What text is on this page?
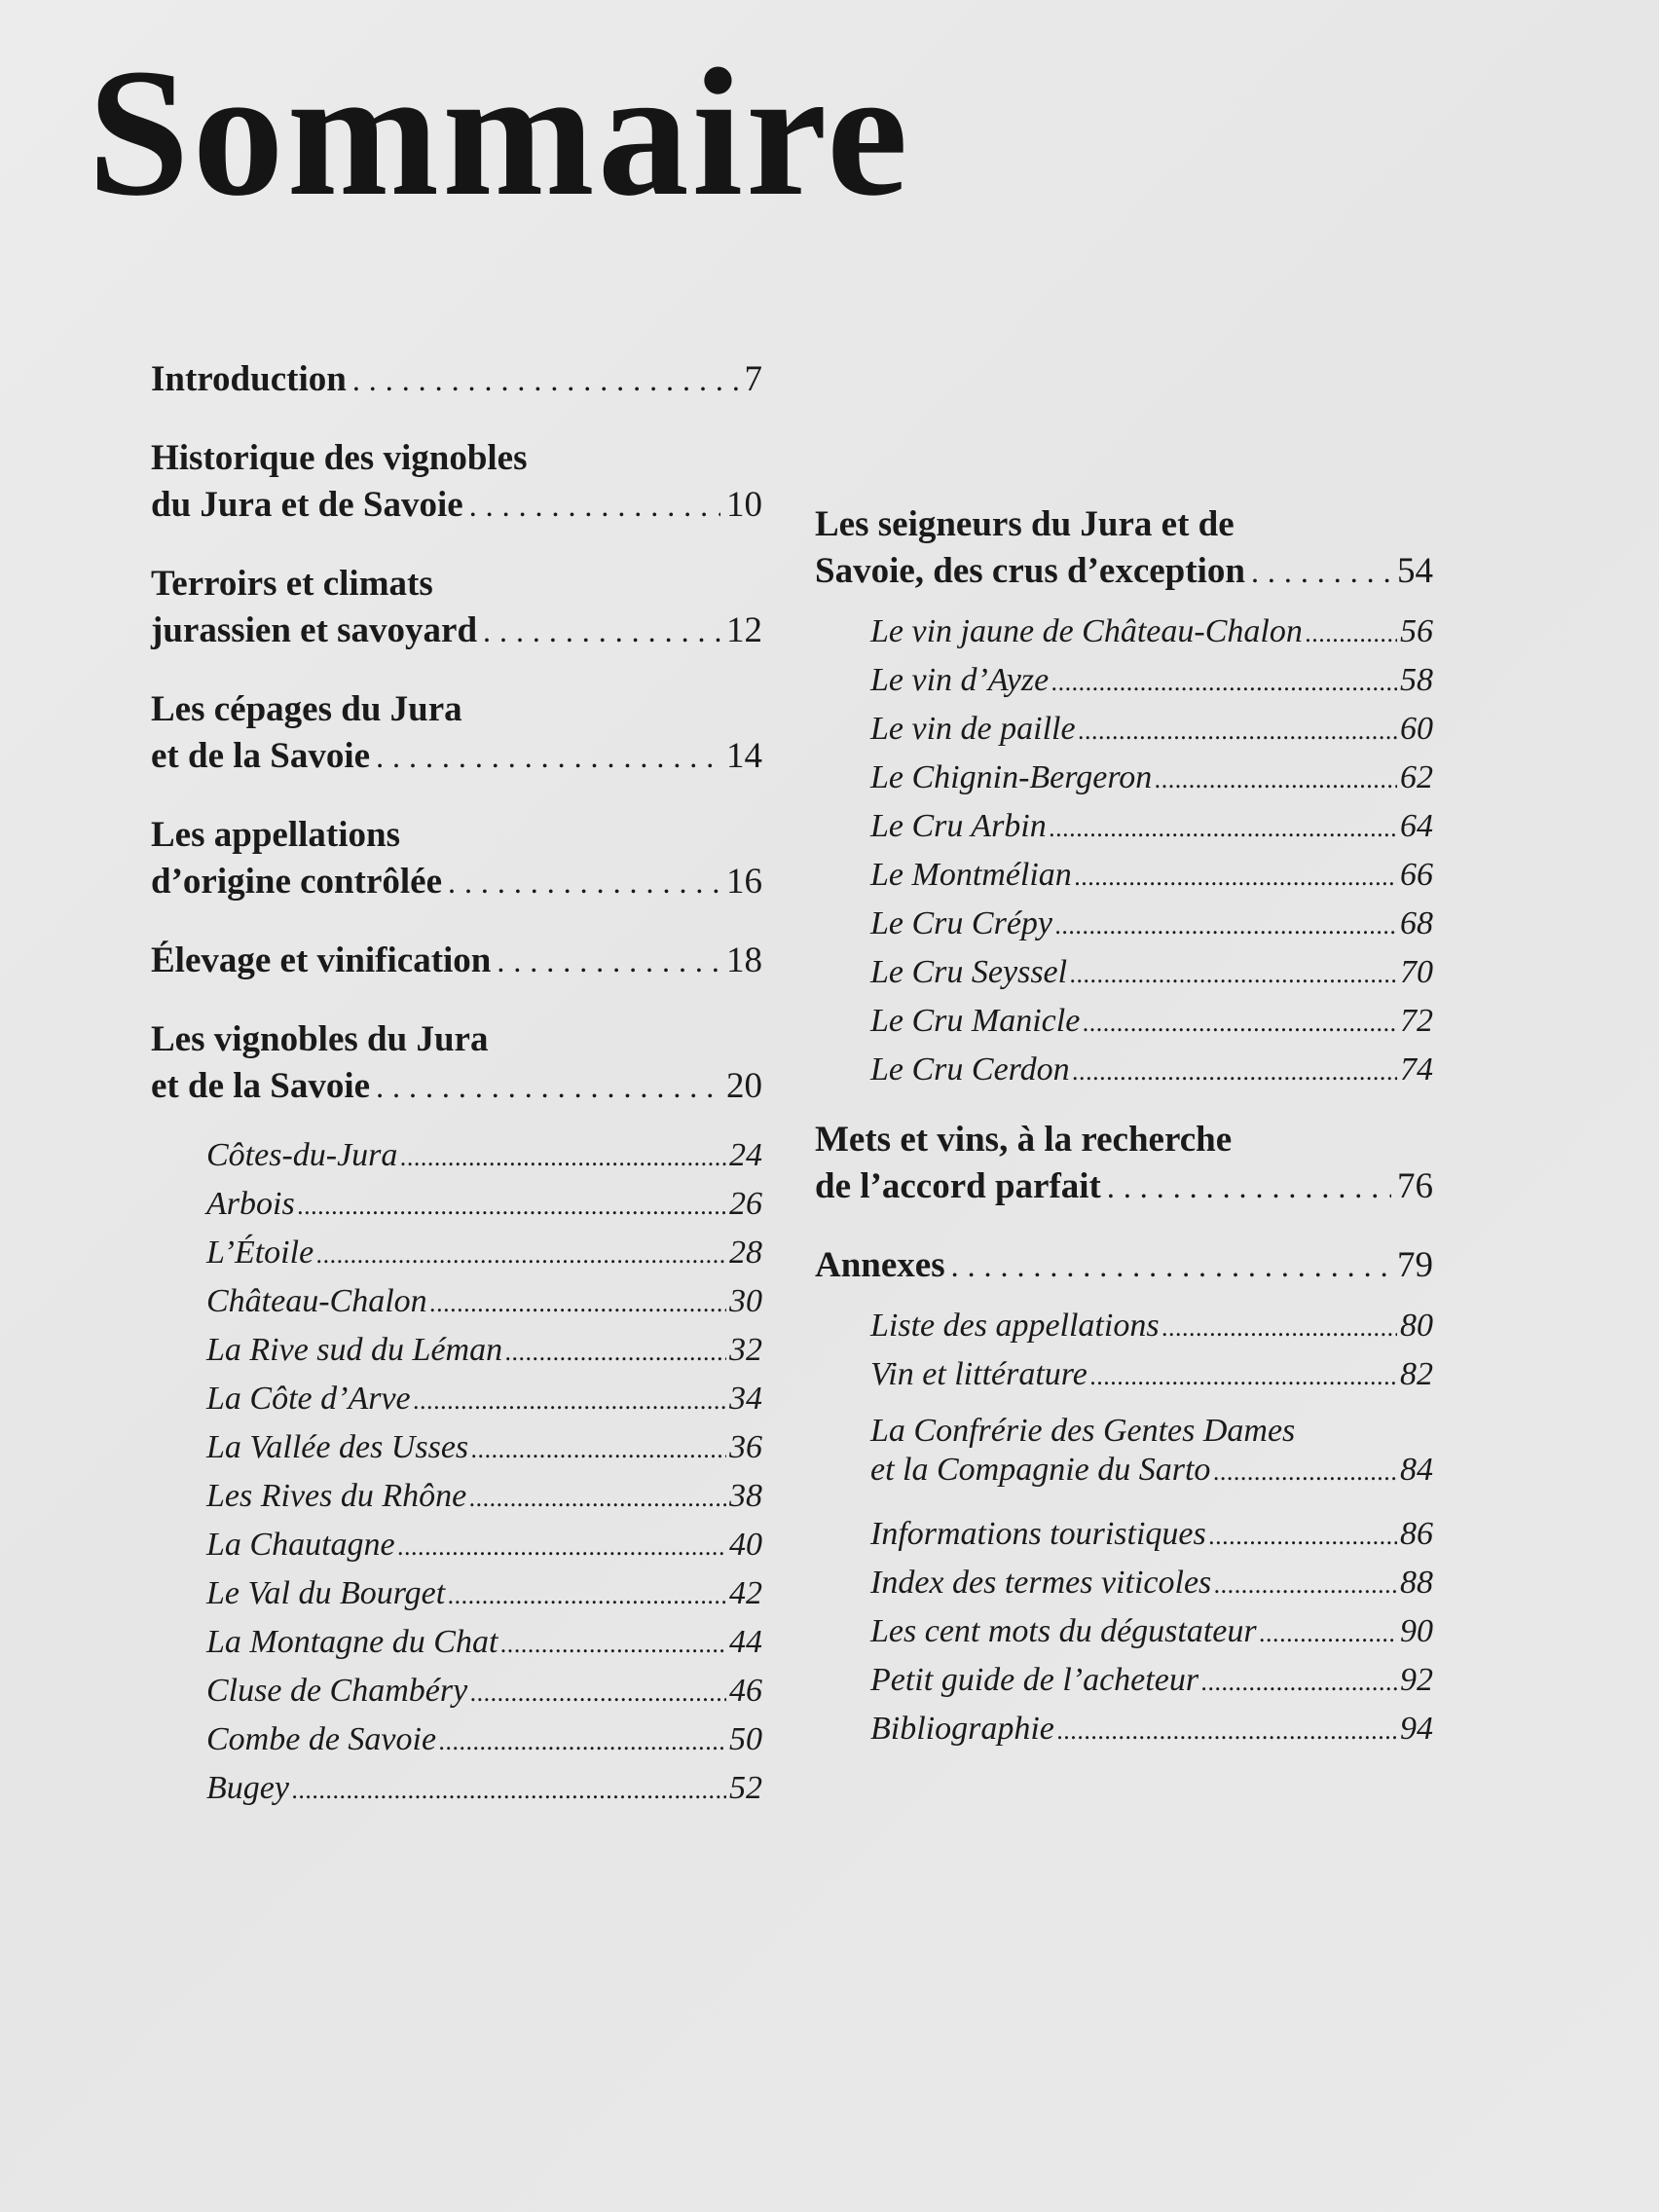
Sommaire
Introduction .....	7
Historique des vignobles
du Jura et de Savoie .....	10
Terroirs et climats
jurassien et savoyard .....	12
Les cépages du Jura
et de la Savoie .....	14
Les appellations
d’origine contrôlée .....	16
Élevage et vinification .....	18
Les vignobles du Jura
et de la Savoie .....	20
Côtes-du-Jura .....	24
Arbois .....	26
L’Étoile .....	28
Château-Chalon .....	30
La Rive sud du Léman .....	32
La Côte d’Arve .....	34
La Vallée des Usses .....	36
Les Rives du Rhône .....	38
La Chautagne .....	40
Le Val du Bourget .....	42
La Montagne du Chat .....	44
Cluse de Chambéry .....	46
Combe de Savoie .....	50
Bugey .....	52
Les seigneurs du Jura et de
Savoie, des crus d’exception .....	54
Le vin jaune de Château-Chalon .....	56
Le vin d’Ayze .....	58
Le vin de paille .....	60
Le Chignin-Bergeron .....	62
Le Cru Arbin .....	64
Le Montmélian .....	66
Le Cru Crépy .....	68
Le Cru Seyssel .....	70
Le Cru Manicle .....	72
Le Cru Cerdon .....	74
Mets et vins, à la recherche
de l’accord parfait .....	76
Annexes .....	79
Liste des appellations .....	80
Vin et littérature .....	82
La Confrérie des Gentes Dames
et la Compagnie du Sarto .....	84
Informations touristiques .....	86
Index des termes viticoles .....	88
Les cent mots du dégustateur .....	90
Petit guide de l’acheteur .....	92
Bibliographie .....	94
